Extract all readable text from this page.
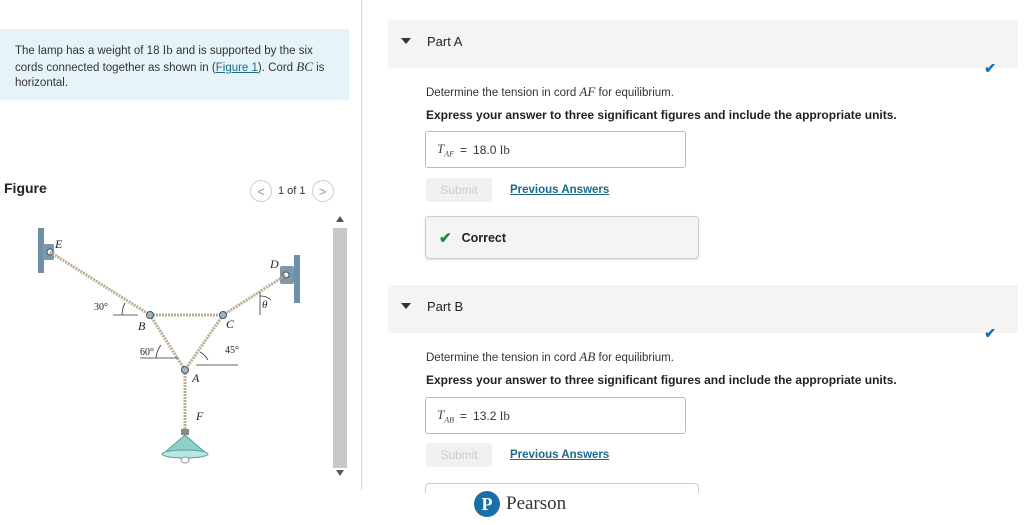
The lamp has a weight of 18 lb and is supported by the six cords connected together as shown in (Figure 1). Cord BC is horizontal.
Figure	<	1 of 1	>
E
D
B	C
A
F
30°
60°	45°
θ
Part A
✔
Determine the tension in cord AF for equilibrium.
Express your answer to three significant figures and include the appropriate units.
$T_{AF} = 18.0$
lb
Submit	Previous Answers
✔ Correct
Part B
✔
Determine the tension in cord AB for equilibrium.
Express your answer to three significant figures and include the appropriate units.
$T_{AB} = 13.2$
lb
Submit	Previous Answers
P Pearson
